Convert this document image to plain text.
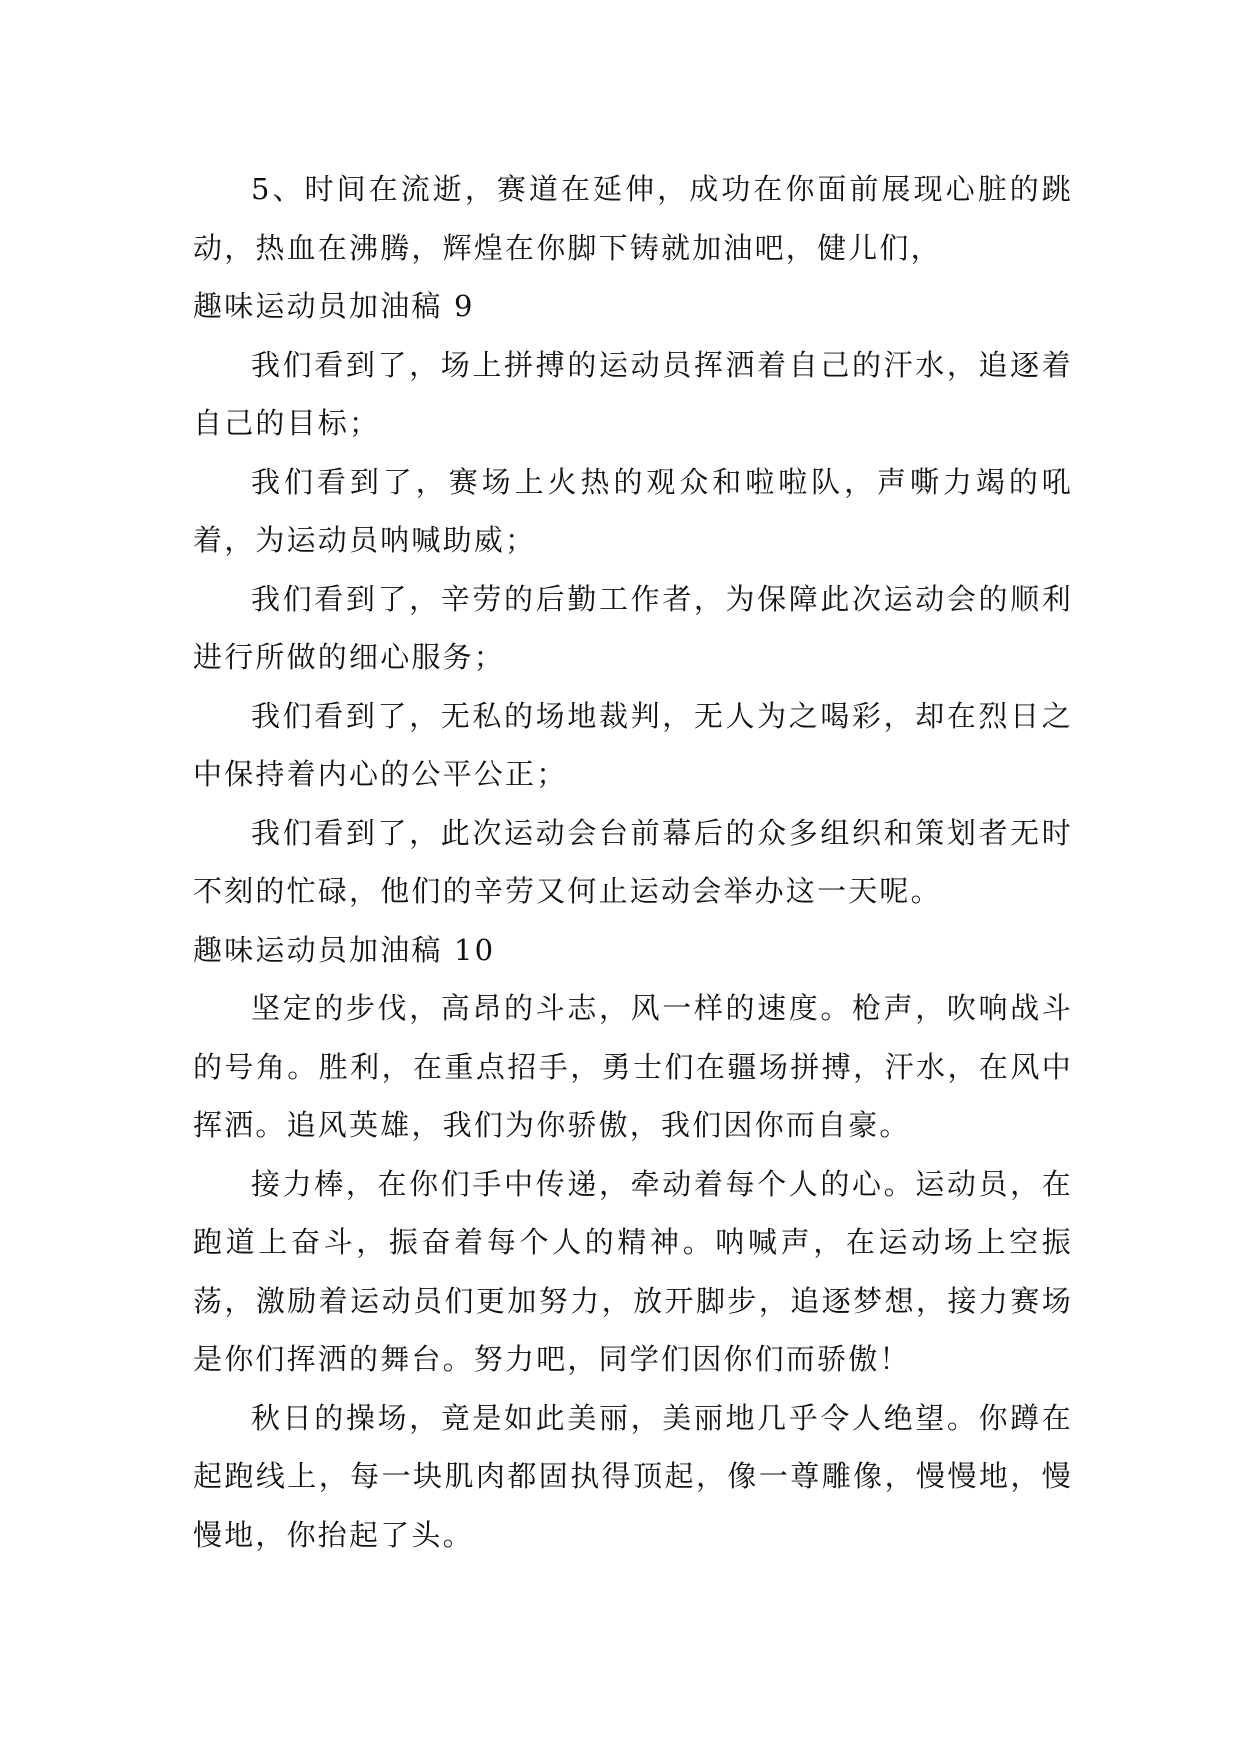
5、时间在流逝，赛道在延伸，成功在你面前展现心脏的跳动，热血在沸腾，辉煌在你脚下铸就加油吧，健儿们，

趣味运动员加油稿 9

我们看到了，场上拼搏的运动员挥洒着自己的汗水，追逐着自己的目标；

我们看到了，赛场上火热的观众和啦啦队，声嘶力竭的吼着，为运动员呐喊助威；

我们看到了，辛劳的后勤工作者，为保障此次运动会的顺利进行所做的细心服务；

我们看到了，无私的场地裁判，无人为之喝彩，却在烈日之中保持着内心的公平公正；

我们看到了，此次运动会台前幕后的众多组织和策划者无时不刻的忙碌，他们的辛劳又何止运动会举办这一天呢。

趣味运动员加油稿 10

坚定的步伐，高昂的斗志，风一样的速度。枪声，吹响战斗的号角。胜利，在重点招手，勇士们在疆场拼搏，汗水，在风中挥洒。追风英雄，我们为你骄傲，我们因你而自豪。

接力棒，在你们手中传递，牵动着每个人的心。运动员，在跑道上奋斗，振奋着每个人的精神。呐喊声，在运动场上空振荡，激励着运动员们更加努力，放开脚步，追逐梦想，接力赛场是你们挥洒的舞台。努力吧，同学们因你们而骄傲！

秋日的操场，竟是如此美丽，美丽地几乎令人绝望。你蹲在起跑线上，每一块肌肉都固执得顶起，像一尊雕像，慢慢地，慢慢地，你抬起了头。
